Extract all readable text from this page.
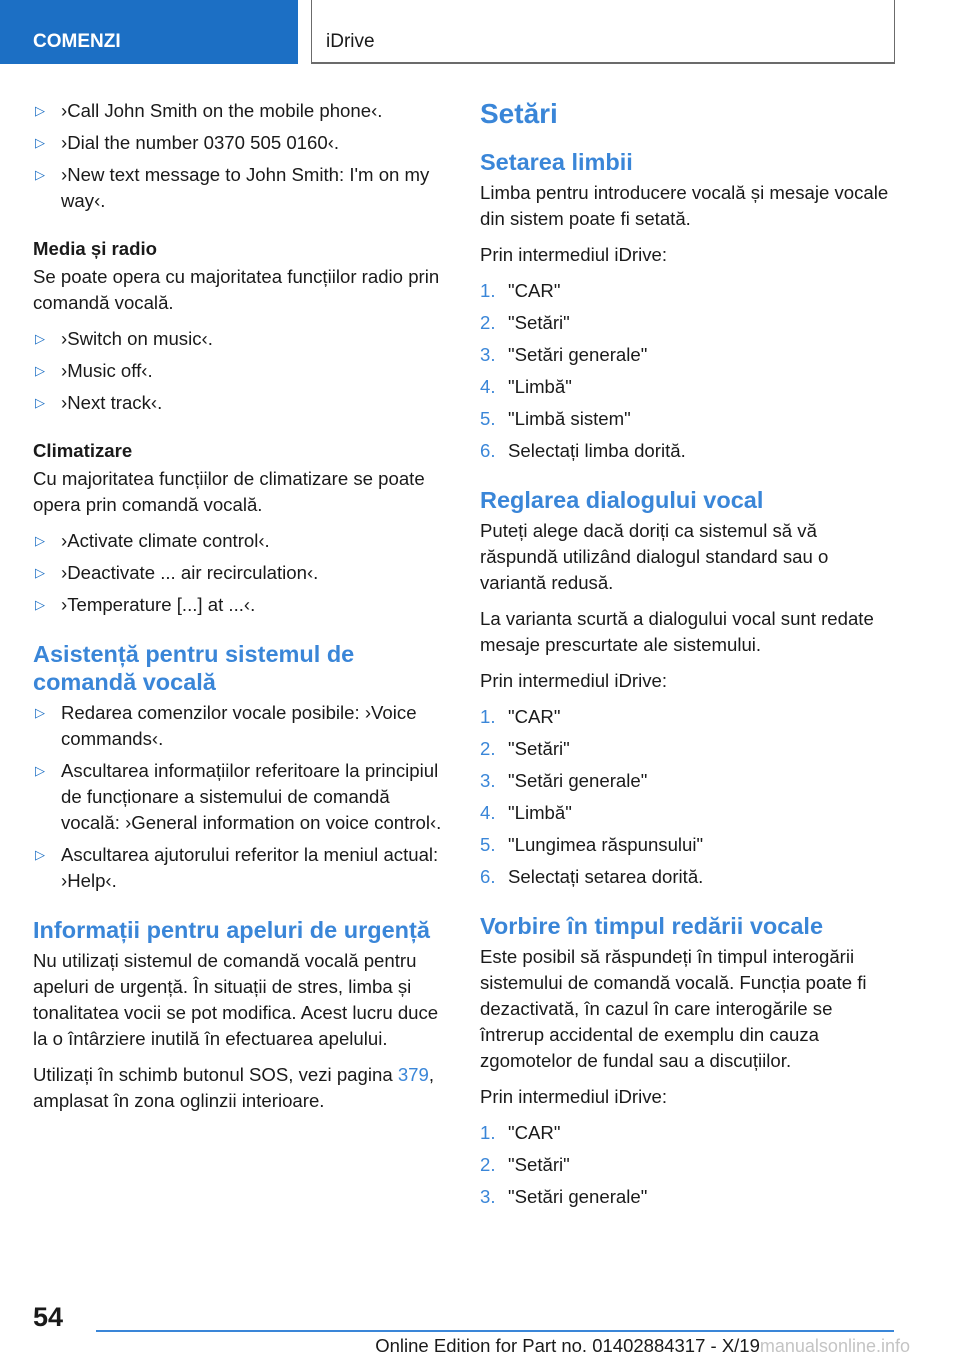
COMENZI	iDrive
▷ ›Call John Smith on the mobile phone‹.
▷ ›Dial the number 0370 505 0160‹.
▷ ›New text message to John Smith: I'm on my way‹.
Media și radio

Se poate opera cu majoritatea funcțiilor radio prin comandă vocală.

▷ ›Switch on music‹.
▷ ›Music off‹.
▷ ›Next track‹.
Climatizare

Cu majoritatea funcțiilor de climatizare se poate opera prin comandă vocală.

▷ ›Activate climate control‹.
▷ ›Deactivate ... air recirculation‹.
▷ ›Temperature [...] at ...‹.
Asistență pentru sistemul de comandă vocală
▷ Redarea comenzilor vocale posibile: ›Voice commands‹.
▷ Ascultarea informațiilor referitoare la principiul de funcționare a sistemului de comandă vocală: ›General information on voice control‹.
▷ Ascultarea ajutorului referitor la meniul actual: ›Help‹.
Informații pentru apeluri de urgență

Nu utilizați sistemul de comandă vocală pentru apeluri de urgență. În situații de stres, limba și tonalitatea vocii se pot modifica. Acest lucru duce la o întârziere inutilă în efectuarea apelului.

Utilizați în schimb butonul SOS, vezi pagina 379, amplasat în zona oglinzii interioare.

Setări
Setarea limbii

Limba pentru introducere vocală și mesaje vocale din sistem poate fi setată.

Prin intermediul iDrive:

1. "CAR"
2. "Setări"
3. "Setări generale"
4. "Limbă"
5. "Limbă sistem"
6. Selectați limba dorită.
Reglarea dialogului vocal

Puteți alege dacă doriți ca sistemul să vă răspundă utilizând dialogul standard sau o variantă redusă.

La varianta scurtă a dialogului vocal sunt redate mesaje prescurtate ale sistemului.

Prin intermediul iDrive:

1. "CAR"
2. "Setări"
3. "Setări generale"
4. "Limbă"
5. "Lungimea răspunsului"
6. Selectați setarea dorită.
Vorbire în timpul redării vocale

Este posibil să răspundeți în timpul interogării sistemului de comandă vocală. Funcția poate fi dezactivată, în cazul în care interogările se întrerup accidental de exemplu din cauza zgomotelor de fundal sau a discuțiilor.

Prin intermediul iDrive:

1. "CAR"
2. "Setări"
3. "Setări generale"
54
Online Edition for Part no. 01402884317 - X/19manualsonline.info
